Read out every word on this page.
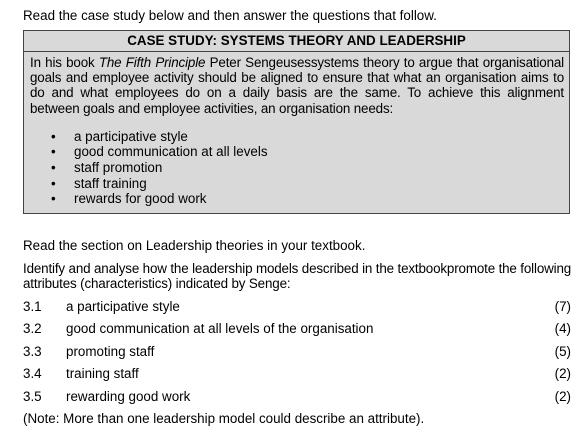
Read the case study below and then answer the questions that follow.
CASE STUDY: SYSTEMS THEORY AND LEADERSHIP
In his book The Fifth Principle Peter Sengeusessystems theory to argue that organisational goals and employee activity should be aligned to ensure that what an organisation aims to do and what employees do on a daily basis are the same. To achieve this alignment between goals and employee activities, an organisation needs:
• a participative style
• good communication at all levels
• staff promotion
• staff training
• rewards for good work
Read the section on Leadership theories in your textbook.
Identify and analyse how the leadership models described in the textbookpromote the following attributes (characteristics) indicated by Senge:
3.1 a participative style	(7)
3.2 good communication at all levels of the organisation	(4)
3.3 promoting staff	(5)
3.4 training staff	(2)
3.5 rewarding good work	(2)
(Note: More than one leadership model could describe an attribute).
